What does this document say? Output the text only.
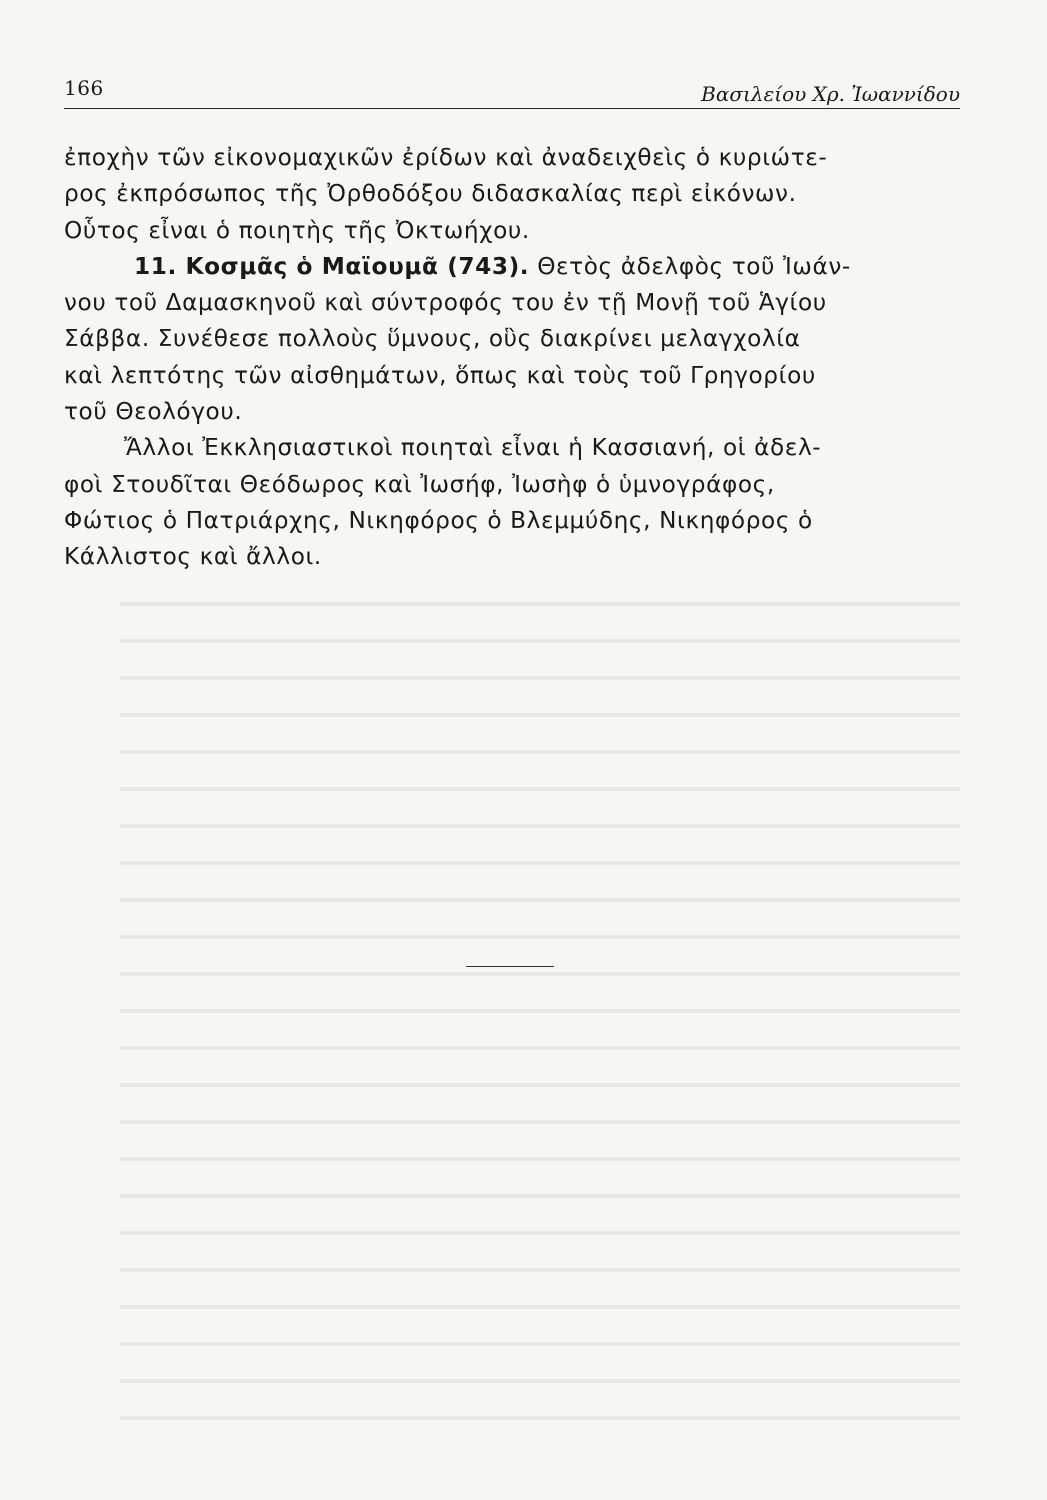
166	Βασιλείου Χρ. Ἰωαννίδου
ἐποχὴν τῶν εἰκονομαχικῶν ἐρίδων καὶ ἀναδειχθεὶς ὁ κυριώτε-
ρος ἐκπρόσωπος τῆς Ὀρθοδόξου διδασκαλίας περὶ εἰκόνων.
Οὗτος εἶναι ὁ ποιητὴς τῆς Ὀκτωήχου.
11. Κοσμᾶς ὁ Μαϊουμᾶ (743). Θετὸς ἀδελφὸς τοῦ Ἰωάν-
νου τοῦ Δαμασκηνοῦ καὶ σύντροφός του ἐν τῇ Μονῇ τοῦ Ἁγίου
Σάββα. Συνέθεσε πολλοὺς ὕμνους, οὓς διακρίνει μελαγχολία
καὶ λεπτότης τῶν αἰσθημάτων, ὅπως καὶ τοὺς τοῦ Γρηγορίου
τοῦ Θεολόγου.
Ἄλλοι Ἐκκλησιαστικοὶ ποιηταὶ εἶναι ἡ Κασσιανή, οἱ ἀδελ-
φοὶ Στουδῖται Θεόδωρος καὶ Ἰωσήφ, Ἰωσὴφ ὁ ὑμνογράφος,
Φώτιος ὁ Πατριάρχης, Νικηφόρος ὁ Βλεμμύδης, Νικηφόρος ὁ
Κάλλιστος καὶ ἄλλοι.
